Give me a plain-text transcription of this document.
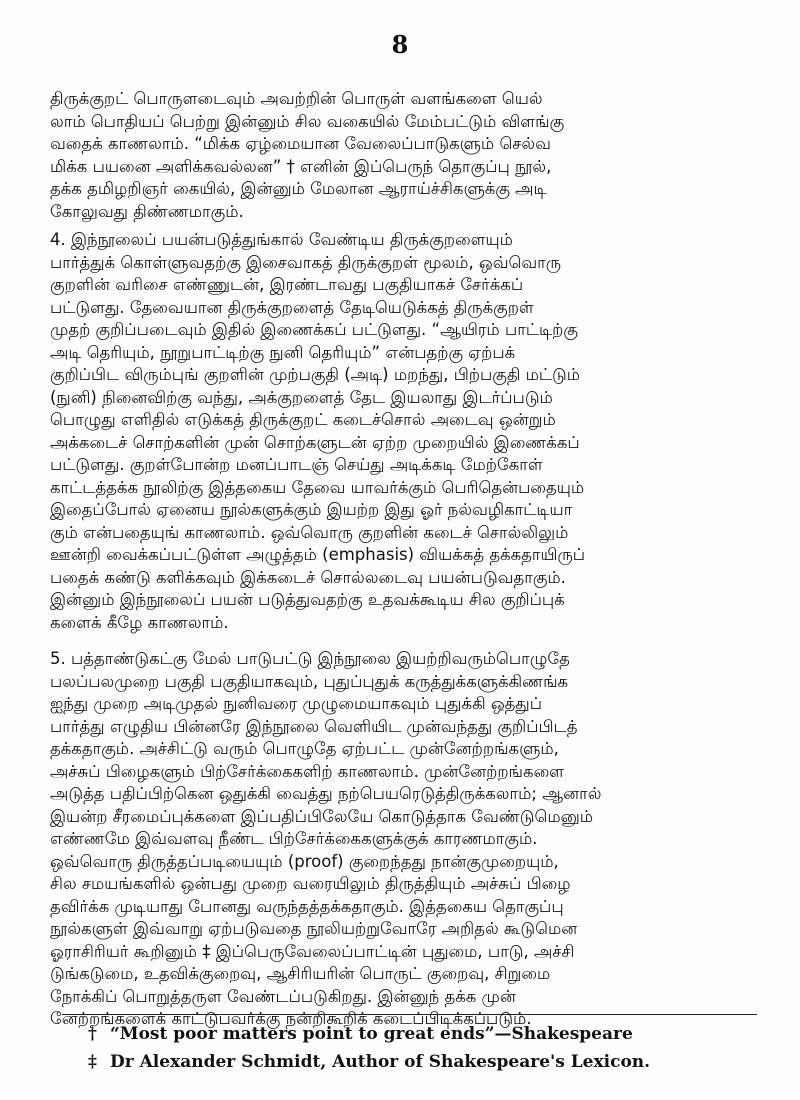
8
திருக்குறட் பொருளடைவும் அவற்றின் பொருள் வளங்களை யெல்
லாம் பொதியப் பெற்று இன்னும் சில வகையில் மேம்பட்டும் விளங்கு
வதைக் காணலாம். “மிக்க ஏழ்மையான வேலைப்பாடுகளும் செல்வ
மிக்க பயனை அளிக்கவல்லன” † எனின் இப்பெருந் தொகுப்பு நூல்,
தக்க தமிழறிஞர் கையில், இன்னும் மேலான ஆராய்ச்சிகளுக்கு அடி
கோலுவது திண்ணமாகும்.
4. இந்நூலைப் பயன்படுத்துங்கால் வேண்டிய திருக்குறளையும்
பார்த்துக் கொள்ளுவதற்கு இசைவாகத் திருக்குறள் மூலம், ஒவ்வொரு
குறளின் வரிசை எண்ணுடன், இரண்டாவது பகுதியாகச் சேர்க்கப்
பட்டுளது. தேவையான திருக்குறளைத் தேடியெடுக்கத் திருக்குறள்
முதற் குறிப்படைவும் இதில் இணைக்கப் பட்டுளது. “ஆயிரம் பாட்டிற்கு
அடி தெரியும், நூறுபாட்டிற்கு நுனி தெரியும்” என்பதற்கு ஏற்பக்
குறிப்பிட விரும்புங் குறளின் முற்பகுதி (அடி) மறந்து, பிற்பகுதி மட்டும்
(நுனி) நினைவிற்கு வந்து, அக்குறளைத் தேட இயலாது இடர்ப்படும்
பொழுது எளிதில் எடுக்கத் திருக்குறட் கடைச்சொல் அடைவு ஒன்றும்
அக்கடைச் சொற்களின் முன் சொற்களுடன் ஏற்ற முறையில் இணைக்கப்
பட்டுளது. குறள்போன்ற மனப்பாடஞ் செய்து அடிக்கடி மேற்கோள்
காட்டத்தக்க நூலிற்கு இத்தகைய தேவை யாவர்க்கும் பெரிதென்பதையும்
இதைப்போல் ஏனைய நூல்களுக்கும் இயற்ற இது ஓர் நல்வழிகாட்டியா
கும் என்பதையுங் காணலாம். ஒவ்வொரு குறளின் கடைச் சொல்லிலும்
ஊன்றி வைக்கப்பட்டுள்ள அழுத்தம் (emphasis) வியக்கத் தக்கதாயிருப்
பதைக் கண்டு களிக்கவும் இக்கடைச் சொல்லடைவு பயன்படுவதாகும்.
இன்னும் இந்நூலைப் பயன் படுத்துவதற்கு உதவக்கூடிய சில குறிப்புக்
களைக் கீழே காணலாம்.
5. பத்தாண்டுகட்கு மேல் பாடுபட்டு இந்நூலை இயற்றிவரும்பொழுதே
பலப்பலமுறை பகுதி பகுதியாகவும், புதுப்புதுக் கருத்துக்களுக்கிணங்க
ஐந்து முறை அடிமுதல் நுனிவரை முழுமையாகவும் புதுக்கி ஒத்துப்
பார்த்து எழுதிய பின்னரே இந்நூலை வெளியிட முன்வந்தது குறிப்பிடத்
தக்கதாகும். அச்சிட்டு வரும் பொழுதே ஏற்பட்ட முன்னேற்றங்களும்,
அச்சுப் பிழைகளும் பிற்சேர்க்கைகளிற் காணலாம். முன்னேற்றங்களை
அடுத்த பதிப்பிற்கென ஒதுக்கி வைத்து நற்பெயரெடுத்திருக்கலாம்; ஆனால்
இயன்ற சீரமைப்புக்களை இப்பதிப்பிலேயே கொடுத்தாக வேண்டுமெனும்
எண்ணமே இவ்வளவு நீண்ட பிற்சேர்க்கைகளுக்குக் காரணமாகும்.
ஒவ்வொரு திருத்தப்படியையும் (proof) குறைந்தது நான்குமுறையும்,
சில சமயங்களில் ஒன்பது முறை வரையிலும் திருத்தியும் அச்சுப் பிழை
தவிர்க்க முடியாது போனது வருந்தத்தக்கதாகும். இத்தகைய தொகுப்பு
நூல்களுள் இவ்வாறு ஏற்படுவதை நூலியற்றுவோரே அறிதல் கூடுமென
ஓராசிரியர் கூறினும் ‡ இப்பெருவேலைப்பாட்டின் புதுமை, பாடு, அச்சி
டுங்கடுமை, உதவிக்குறைவு, ஆசிரியரின் பொருட் குறைவு, சிறுமை
நோக்கிப் பொறுத்தருள வேண்டப்படுகிறது. இன்னுந் தக்க முன்
னேற்றங்களைக் காட்டுபவர்க்கு நன்றிகூறிக் கடைப்பிடிக்கப்படும்.
† “Most poor matters point to great ends”—Shakespeare
‡ Dr Alexander Schmidt, Author of Shakespeare's Lexicon.
